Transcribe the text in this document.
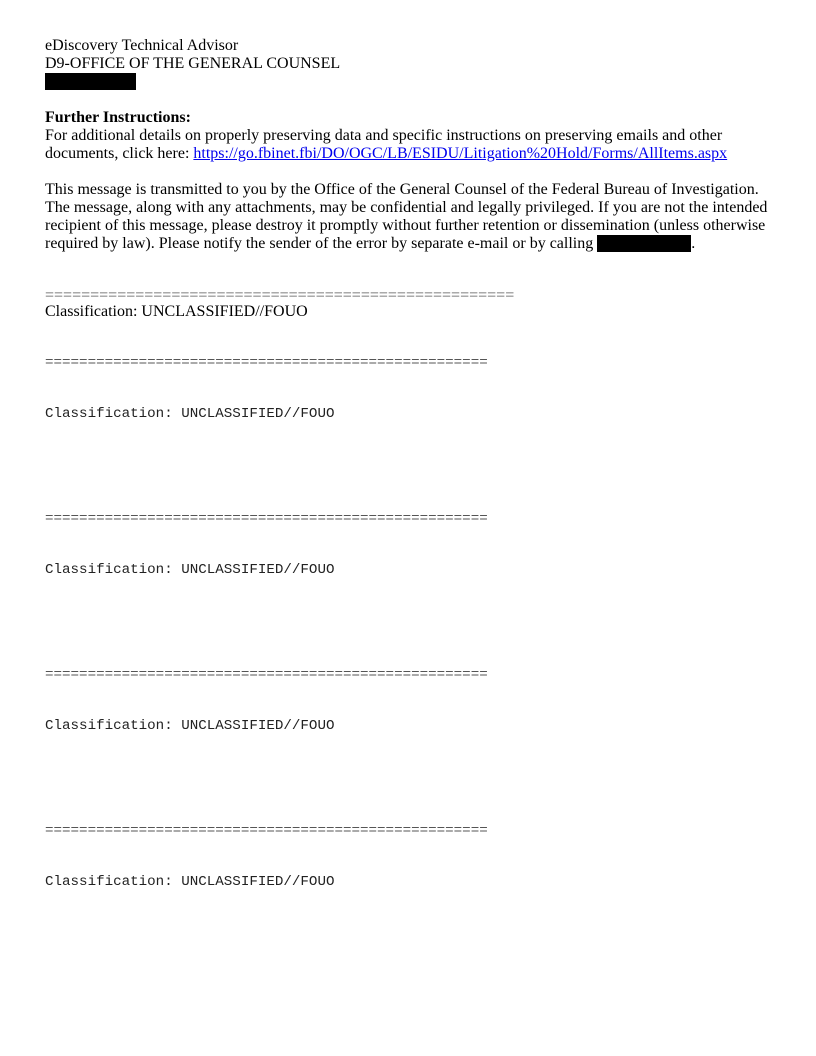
eDiscovery Technical Advisor
D9-OFFICE OF THE GENERAL COUNSEL
Further Instructions:
For additional details on properly preserving data and specific instructions on preserving emails and other
documents, click here: https://go.fbinet.fbi/DO/OGC/LB/ESIDU/Litigation%20Hold/Forms/AllItems.aspx
This message is transmitted to you by the Office of the General Counsel of the Federal Bureau of Investigation.
The message, along with any attachments, may be confidential and legally privileged. If you are not the intended
recipient of this message, please destroy it promptly without further retention or dissemination (unless otherwise
required by law). Please notify the sender of the error by separate e-mail or by calling	.
====================================================
Classification: UNCLASSIFIED//FOUO

====================================================

Classification: UNCLASSIFIED//FOUO

====================================================

Classification: UNCLASSIFIED//FOUO

====================================================

Classification: UNCLASSIFIED//FOUO

====================================================

Classification: UNCLASSIFIED//FOUO
